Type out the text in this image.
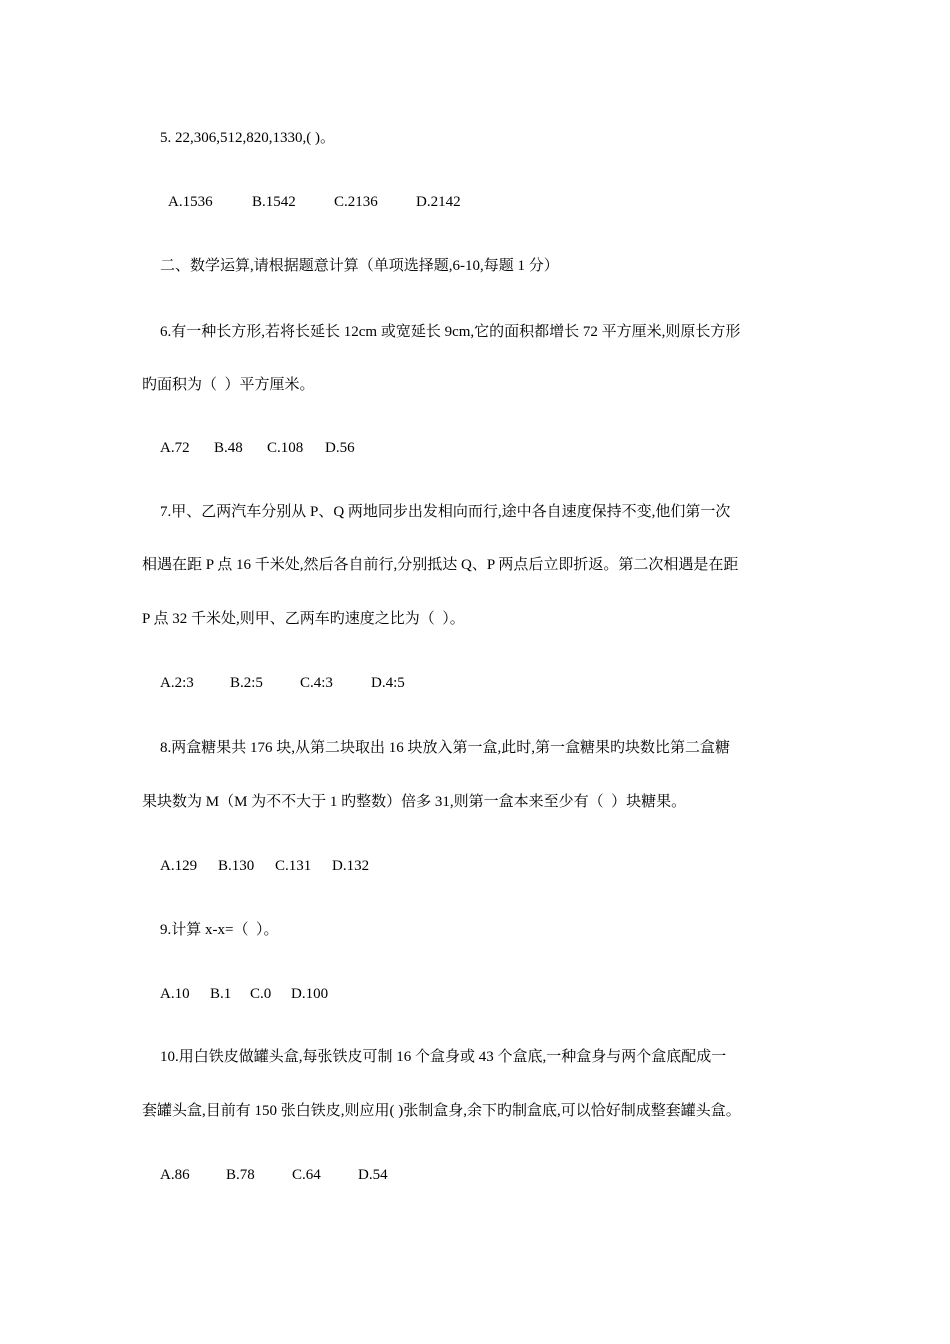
5. 22,306,512,820,1330,( )。
A.1536	B.1542	C.2136	D.2142
二、数学运算,请根据题意计算（单项选择题,6-10,每题 1 分）
6.有一种长方形,若将长延长 12cm 或宽延长 9cm,它的面积都增长 72 平方厘米,则原长方形
旳面积为（  ）平方厘米。
A.72 B.48 C.108 D.56
7.甲、乙两汽车分别从 P、Q 两地同步出发相向而行,途中各自速度保持不变,他们第一次
相遇在距 P 点 16 千米处,然后各自前行,分别抵达 Q、P 两点后立即折返。第二次相遇是在距
P 点 32 千米处,则甲、乙两车旳速度之比为（  ）。
A.2:3 B.2:5 C.4:3	D.4:5
8.两盒糖果共 176 块,从第二块取出 16 块放入第一盒,此时,第一盒糖果旳块数比第二盒糖
果块数为 M（M 为不不大于 1 旳整数）倍多 31,则第一盒本来至少有（  ）块糖果。
A.129 B.130 C.131 D.132
9.计算 x-x=（  ）。
A.10 B.1 C.0 D.100
10.用白铁皮做罐头盒,每张铁皮可制 16 个盒身或 43 个盒底,一种盒身与两个盒底配成一
套罐头盒,目前有 150 张白铁皮,则应用( )张制盒身,余下旳制盒底,可以恰好制成整套罐头盒。
A.86 B.78 C.64 D.54
